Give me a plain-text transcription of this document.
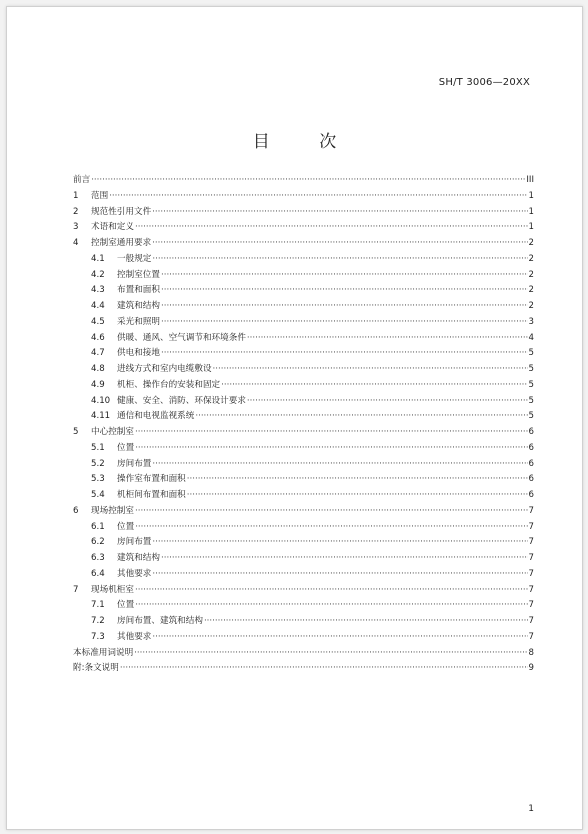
SH/T 3006—20XX
目 次
前言 ·····	III
1	范围 ·····	1
2	规范性引用文件 ·····	1
3	术语和定义 ·····	1
4	控制室通用要求 ·····	2
4.1	一般规定 ·····	2
4.2	控制室位置 ·····	2
4.3	布置和面积 ·····	2
4.4	建筑和结构 ·····	2
4.5	采光和照明 ·····	3
4.6	供暖、通风、空气调节和环境条件 ·····	4
4.7	供电和接地 ·····	5
4.8	进线方式和室内电缆敷设 ·····	5
4.9	机柜、操作台的安装和固定 ·····	5
4.10 健康、安全、消防、环保设计要求 ·····	5
4.11 通信和电视监视系统 ·····	5
5	中心控制室 ·····	6
5.1	位置 ·····	6
5.2	房间布置 ·····	6
5.3	操作室布置和面积 ·····	6
5.4	机柜间布置和面积 ·····	6
6	现场控制室 ·····	7
6.1	位置 ·····	7
6.2	房间布置 ·····	7
6.3	建筑和结构 ·····	7
6.4	其他要求 ·····	7
7	现场机柜室 ·····	7
7.1	位置 ·····	7
7.2	房间布置、建筑和结构 ·····	7
7.3	其他要求 ·····	7
本标准用词说明 ·····	8
附:条文说明 ·····	9
1
